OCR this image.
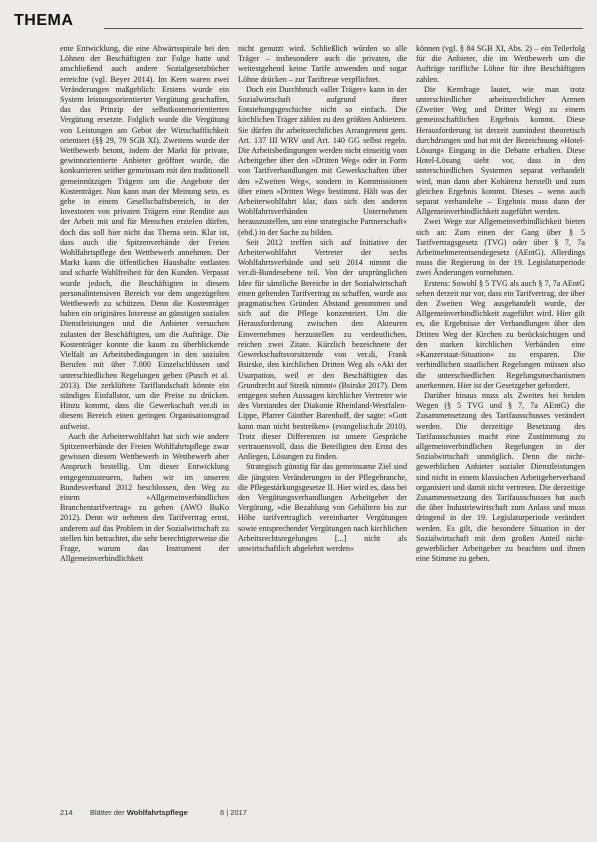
THEMA

ente Entwicklung, die eine Abwärtsspirale bei den Löhnen der Beschäftigten zur Folge hatte und anschließend auch andere Sozialgesetzbücher erreichte (vgl. Beyer 2014). Im Kern waren zwei Veränderungen maßgeblich: Erstens wurde ein System leistungsorientierter Vergütung geschaffen, das das Prinzip der selbstkostenorientierten Vergütung ersetzte. Folglich wurde die Vergütung von Leistungen am Gebot der Wirtschaftlichkeit orientiert (§§ 29, 79 SGB XI). Zweitens wurde der Wettbewerb betont, indem der Markt für private, gewinnorientierte Anbieter geöffnet wurde, die konkurrieren seither gemeinsam mit den traditionell gemeinnützigen Trägern um die Angebote der Kostenträger. Nun kann man der Meinung sein, es gehe in einem Gesellschaftsbereich, in der Investoren von privaten Trägern eine Rendite aus der Arbeit mit und für Menschen erzielen dürfen, doch das soll hier nicht das Thema sein. Klar ist, dass auch die Spitzenverbände der Freien Wohlfahrtspflege den Wettbewerb annehmen. Der Markt kann die öffentlichen Haushalte entlasten und scharfe Wahlfreiheit für den Kunden. Verpasst wurde jedoch, die Beschäftigten in diesem personalintensiven Bereich vor dem ungezügelten Wettbewerb zu schützen. Denn die Kostenträger haben ein originäres Interesse an günstigen sozialen Dienstleistungen und die Anbieter versuchen zulasten der Beschäftigten, um die Aufträge. Die Kostenträger konnte die kaum zu überblickende Vielfalt an Arbeitsbedingungen in den sozialen Berufen mit über 7.000 Einzelschlüssen und unterschiedlichen Regelungen geben (Pusch et al. 2013). Die zerklüftete Tariflandschaft könnte ein ständiges Einfallstor, um die Preise zu drücken. Hinzu kommt, dass die Gewerkschaft ver.di in diesem Bereich einen geringen Organisationsgrad aufweist.

Auch die Arbeiterwohlfahrt hat sich wie andere Spitzenverbände der Freien Wohlfahrtspflege zwar gewissen diesem Wettbewerb in Wettbewerb aber Anspruch bestellig. Um dieser Entwicklung entgegenzusteuern, haben wir im unseren Bundesverband 2012 beschlossen, den Weg zu einem »Allgemeinverbindlichen Branchentarifvertrag« zu gehen (AWO BuKo 2012). Denn wir nehmen den Tarifvertrag ernst, anderem auf das Problem in der Sozialwirtschaft zu stellen hin betrachtet, die sehr berechtigterweise die Frage, warum das Instrument der Allgemeinverbindlichkeit

nicht genutzt wird. Schließlich würden so alle Träger – insbesondere auch die privaten, die weitestgehend keine Tarife anwenden und sogar Löhne drücken – zur Tariftreue verpflichtet.

Doch ein Durchbruch »aller Träger« kann in der Sozialwirtschaft aufgrund ihrer Entstehungsgeschichte nicht so einfach. Die kirchlichen Träger zählen zu den größten Anbietern. Sie dürfen ihr arbeitsrechtliches Arrangement gem. Art. 137 III WRV und Art. 140 GG selbst regeln. Die Arbeitsbedingungen werden nicht einseitig vom Arbeitgeber über den »Dritten Weg« oder in Form von Tarifverhandlungen mit Gewerkschaften über den »Zweiten Weg«, sondern in Kommissionen über einen »Dritten Weg« bestimmt. Hält was der Arbeiterwohlfahrt klar, dass sich den anderen Wohlfahrtsverbänden Unternehmen herauszustellen, um eine strategische Partnerschaft« (ebd.) in der Sache zu bilden.

Seit 2012 treffen sich auf Initiative der Arbeiterwohlfahrt Vertreter der sechs Wohlfahrtsverbände und seit 2014 nimmt die ver.di-Bundesebene teil. Von der ursprünglichen Idee für sämtliche Bereiche in der Sozialwirtschaft einen geltenden Tarifvertrag zu schaffen, wurde aus pragmatischen Gründen Abstand genommen und sich auf die Pflege konzentriert. Um die Herausforderung zwischen den Akteuren Einvernehmen herzustellen zu verdeutlichen, reichen zwei Zitate. Kürzlich bezeichnete der Gewerkschaftsvorsitzende von ver.di, Frank Bsirske, den kirchlichen Dritten Weg als »Akt der Usurpation, weil er den Beschäftigten das Grundrecht auf Streik nimmt« (Bsirske 2017). Dem entgegen stehen Aussagen kirchlicher Vertreter wie des Vorstandes der Diakonie Rheinland-Westfalen-Lippe, Pfarrer Günther Barenhoff, der sagte: »Gott kann man nicht bestreiken« (evangelisch.de 2010). Trotz dieser Differenzen ist unsere Gespräche vertrauensvoll, dass die Beteiligten den Ernst des Anliegen, Lösungen zu finden.

Strategisch günstig für das gemeinsame Ziel sind die jüngsten Veränderungen in der Pflegebranche, die Pflegestärkungsgesetze II. Hier wird es, dass bei den Vergütungsverhandlungen Arbeitgeber der Vergütung, »die Bezahlung von Gehältern bis zur Höhe tarifvertraglich vereinbarter Vergütungen sowie entsprechender Vergütungen nach kirchlichen Arbeitsrechtsregelungen [...] nicht als unwirtschaftlich abgelehnt werden«

können (vgl. § 84 SGB XI, Abs. 2) – ein Teilerfolg für die Anbieter, die im Wettbewerb um die Aufträge tarifliche Löhne für ihre Beschäftigten zahlen.

Die Kernfrage lautet, wie man trotz unterschiedlicher arbeitsrechtlicher Arenen (Zweiter Weg und Dritter Weg) zu einem gemeinschaftlichen Ergebnis kommt. Diese Herausforderung ist derzeit zumindest theoretisch durchdrungen und hat mit der Bezeichnung »Hotel-Lösung« Eingang in die Debatte erhalten. Diese Hotel-Lösung sieht vor, dass in den unterschiedlichen Systemen separat verhandelt wird, man dann aber Kohärenz herstellt und zum gleichen Ergebnis kommt. Dieses – wenn auch separat verhandelte – Ergebnis muss dann der Allgemeinverbindlichkeit zugeführt werden.

Zwei Wege zur Allgemeinverbindlichkeit bieten sich an: Zum einen der Gang über § 5 Tarifvertragsgesetz (TVG) oder über § 7, 7a Arbeitnehmerentsendegesetz (AEntG). Allerdings muss die Regierung in der 19. Legislaturperiode zwei Änderungen vornehmen.

Erstens: Sowohl § 5 TVG als auch § 7, 7a AEntG sehen derzeit nur vor, dass ein Tarifvertrag, der über den Zweiten Weg ausgehandelt wurde, der Allgemeinverbindlichkeit zugeführt wird. Hier gilt es, die Ergebnisse der Verhandlungen über den Dritten Weg der Kirchen zu berücksichtigen und den starken kirchlichen Verbänden eine »Kanzerstaat-Situation« zu ersparen. Die verbindlichen staatlichen Regelungen müssen also die unterschiedlichen Regelungsmechanismen anerkennen. Hier ist der Gesetzgeber gefordert.

Darüber hinaus muss als Zweites bei beiden Wegen (§ 5 TVG und § 7, 7a AEntG) die Zusammensetzung des Tarifausschusses verändert werden. Die derzeitige Besetzung des Tarifausschusses macht eine Zustimmung zu allgemeinverbindlichen Regelungen in der Sozialwirtschaft unmöglich. Denn die nicht-gewerblichen Anbieter sozialer Dienstleistungen sind nicht in einem klassischen Arbeitgeberverband organisiert und damit nicht vertreten. Die derzeitige Zusammensetzung des Tarifausschusses hat auch die über Industriewirtschaft zum Anlass und muss dringend in der 19. Legislaturperiode verändert werden. Es gilt, die besondere Situation in der Sozialwirtschaft mit dem großen Anteil nicht-gewerblicher Arbeitgeber zu beachten und ihnen eine Stimme zu geben.

214 Blätter der Wohlfahrtspflege	6 | 2017
